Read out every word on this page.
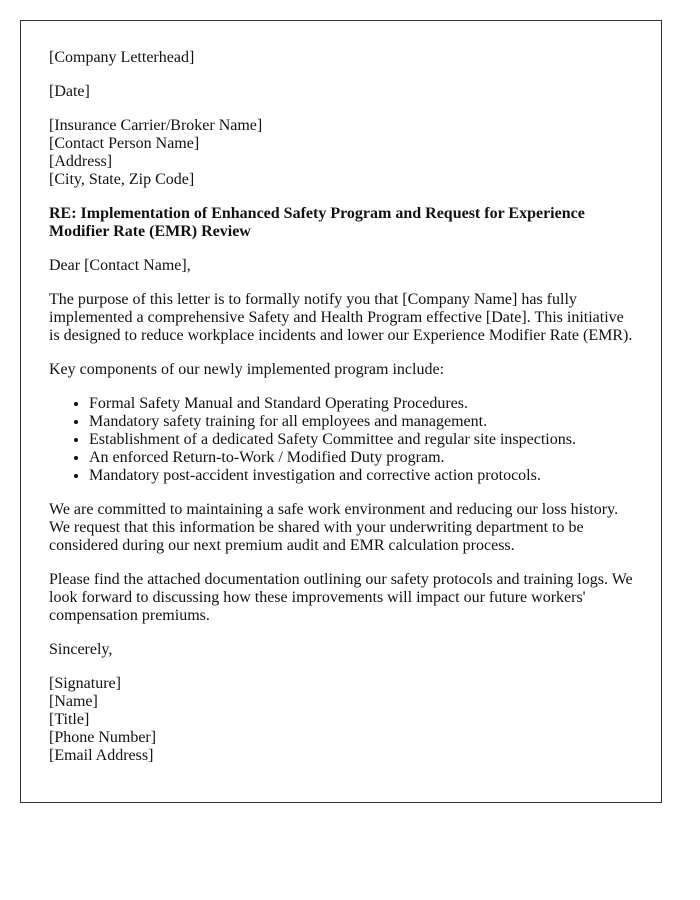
[Company Letterhead]

[Date]

[Insurance Carrier/Broker Name]
[Contact Person Name]
[Address]
[City, State, Zip Code]

RE: Implementation of Enhanced Safety Program and Request for Experience Modifier Rate (EMR) Review

Dear [Contact Name],

The purpose of this letter is to formally notify you that [Company Name] has fully implemented a comprehensive Safety and Health Program effective [Date]. This initiative is designed to reduce workplace incidents and lower our Experience Modifier Rate (EMR).

Key components of our newly implemented program include:

• Formal Safety Manual and Standard Operating Procedures.
• Mandatory safety training for all employees and management.
• Establishment of a dedicated Safety Committee and regular site inspections.
• An enforced Return-to-Work / Modified Duty program.
• Mandatory post-accident investigation and corrective action protocols.

We are committed to maintaining a safe work environment and reducing our loss history. We request that this information be shared with your underwriting department to be considered during our next premium audit and EMR calculation process.

Please find the attached documentation outlining our safety protocols and training logs. We look forward to discussing how these improvements will impact our future workers' compensation premiums.

Sincerely,

[Signature]
[Name]
[Title]
[Phone Number]
[Email Address]
